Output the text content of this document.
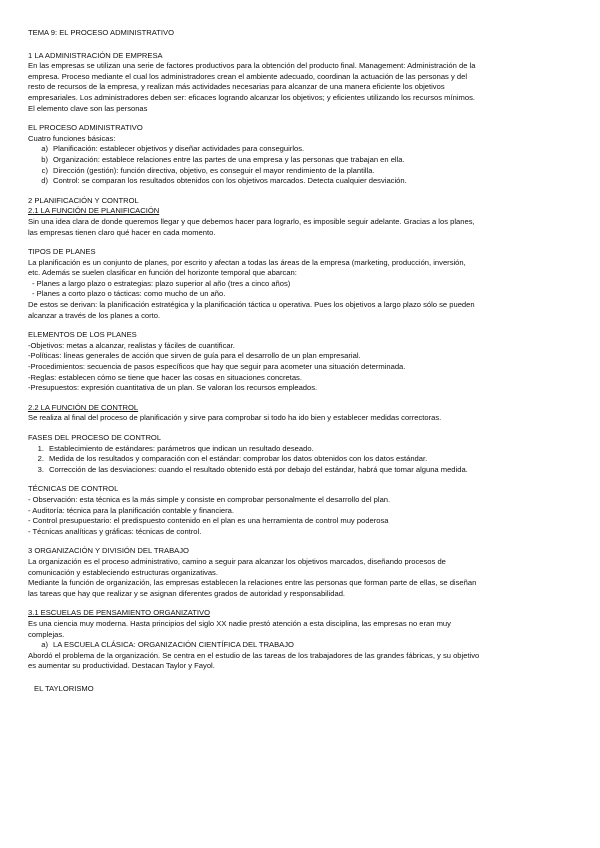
TEMA 9: EL PROCESO ADMINISTRATIVO

1 LA ADMINISTRACIÓN DE EMPRESA

En las empresas se utilizan una serie de factores productivos para la obtención del producto final. Management: Administración de la

empresa. Proceso mediante el cual los administradores crean el ambiente adecuado, coordinan la actuación de las personas y del

resto de recursos de la empresa, y realizan más actividades necesarias para alcanzar de una manera eficiente los objetivos

empresariales. Los administradores deben ser: eficaces logrando alcanzar los objetivos; y eficientes utilizando los recursos mínimos.

El elemento clave son las personas

EL PROCESO ADMINISTRATIVO

Cuatro funciones básicas:

a) Planificación: establecer objetivos y diseñar actividades para conseguirlos.
b) Organización: establece relaciones entre las partes de una empresa y las personas que trabajan en ella.
c) Dirección (gestión): función directiva, objetivo, es conseguir el mayor rendimiento de la plantilla.
d) Control: se comparan los resultados obtenidos con los objetivos marcados. Detecta cualquier desviación.

2 PLANIFICACIÓN Y CONTROL

2.1 LA FUNCIÓN DE PLANIFICACIÓN

Sin una idea clara de donde queremos llegar y que debemos hacer para lograrlo, es imposible seguir adelante. Gracias a los planes,

las empresas tienen claro qué hacer en cada momento.

TIPOS DE PLANES

La planificación es un conjunto de planes, por escrito y afectan a todas las áreas de la empresa (marketing, producción, inversión,

etc. Además se suelen clasificar en función del horizonte temporal que abarcan:

- Planes a largo plazo o estrategias: plazo superior al año (tres a cinco años)

- Planes a corto plazo o tácticas: como mucho de un año.

De estos se derivan: la planificación estratégica y la planificación táctica u operativa. Pues los objetivos a largo plazo sólo se pueden

alcanzar a través de los planes a corto.

ELEMENTOS DE LOS PLANES

-Objetivos: metas a alcanzar, realistas y fáciles de cuantificar.

-Políticas: líneas generales de acción que sirven de guía para el desarrollo de un plan empresarial.

-Procedimientos: secuencia de pasos específicos que hay que seguir para acometer una situación determinada.

-Reglas: establecen cómo se tiene que hacer las cosas en situaciones concretas.

-Presupuestos: expresión cuantitativa de un plan. Se valoran los recursos empleados.

2.2 LA FUNCIÓN DE CONTROL

Se realiza al final del proceso de planificación y sirve para comprobar si todo ha ido bien y establecer medidas correctoras.

FASES DEL PROCESO DE CONTROL

1. Establecimiento de estándares: parámetros que indican un resultado deseado.
2. Medida de los resultados y comparación con el estándar: comprobar los datos obtenidos con los datos estándar.
3. Corrección de las desviaciones: cuando el resultado obtenido está por debajo del estándar, habrá que tomar alguna medida.

TÉCNICAS DE CONTROL

- Observación: esta técnica es la más simple y consiste en comprobar personalmente el desarrollo del plan.

- Auditoría: técnica para la planificación contable y financiera.

- Control presupuestario: el predispuesto contenido en el plan es una herramienta de control muy poderosa

- Técnicas analíticas y gráficas: técnicas de control.

3 ORGANIZACIÓN Y DIVISIÓN DEL TRABAJO

La organización es el proceso administrativo, camino a seguir para alcanzar los objetivos marcados, diseñando procesos de

comunicación y estableciendo estructuras organizativas.

Mediante la función de organización, las empresas establecen la relaciones entre las personas que forman parte de ellas, se diseñan

las tareas que hay que realizar y se asignan diferentes grados de autoridad y responsabilidad.

3.1 ESCUELAS DE PENSAMIENTO ORGANIZATIVO

Es una ciencia muy moderna. Hasta principios del siglo XX nadie prestó atención a esta disciplina, las empresas no eran muy

complejas.

a) LA ESCUELA CLÁSICA: ORGANIZACIÓN CIENTÍFICA DEL TRABAJO

Abordó el problema de la organización. Se centra en el estudio de las tareas de los trabajadores de las grandes fábricas, y su objetivo

es aumentar su productividad. Destacan Taylor y Fayol.

EL TAYLORISMO
